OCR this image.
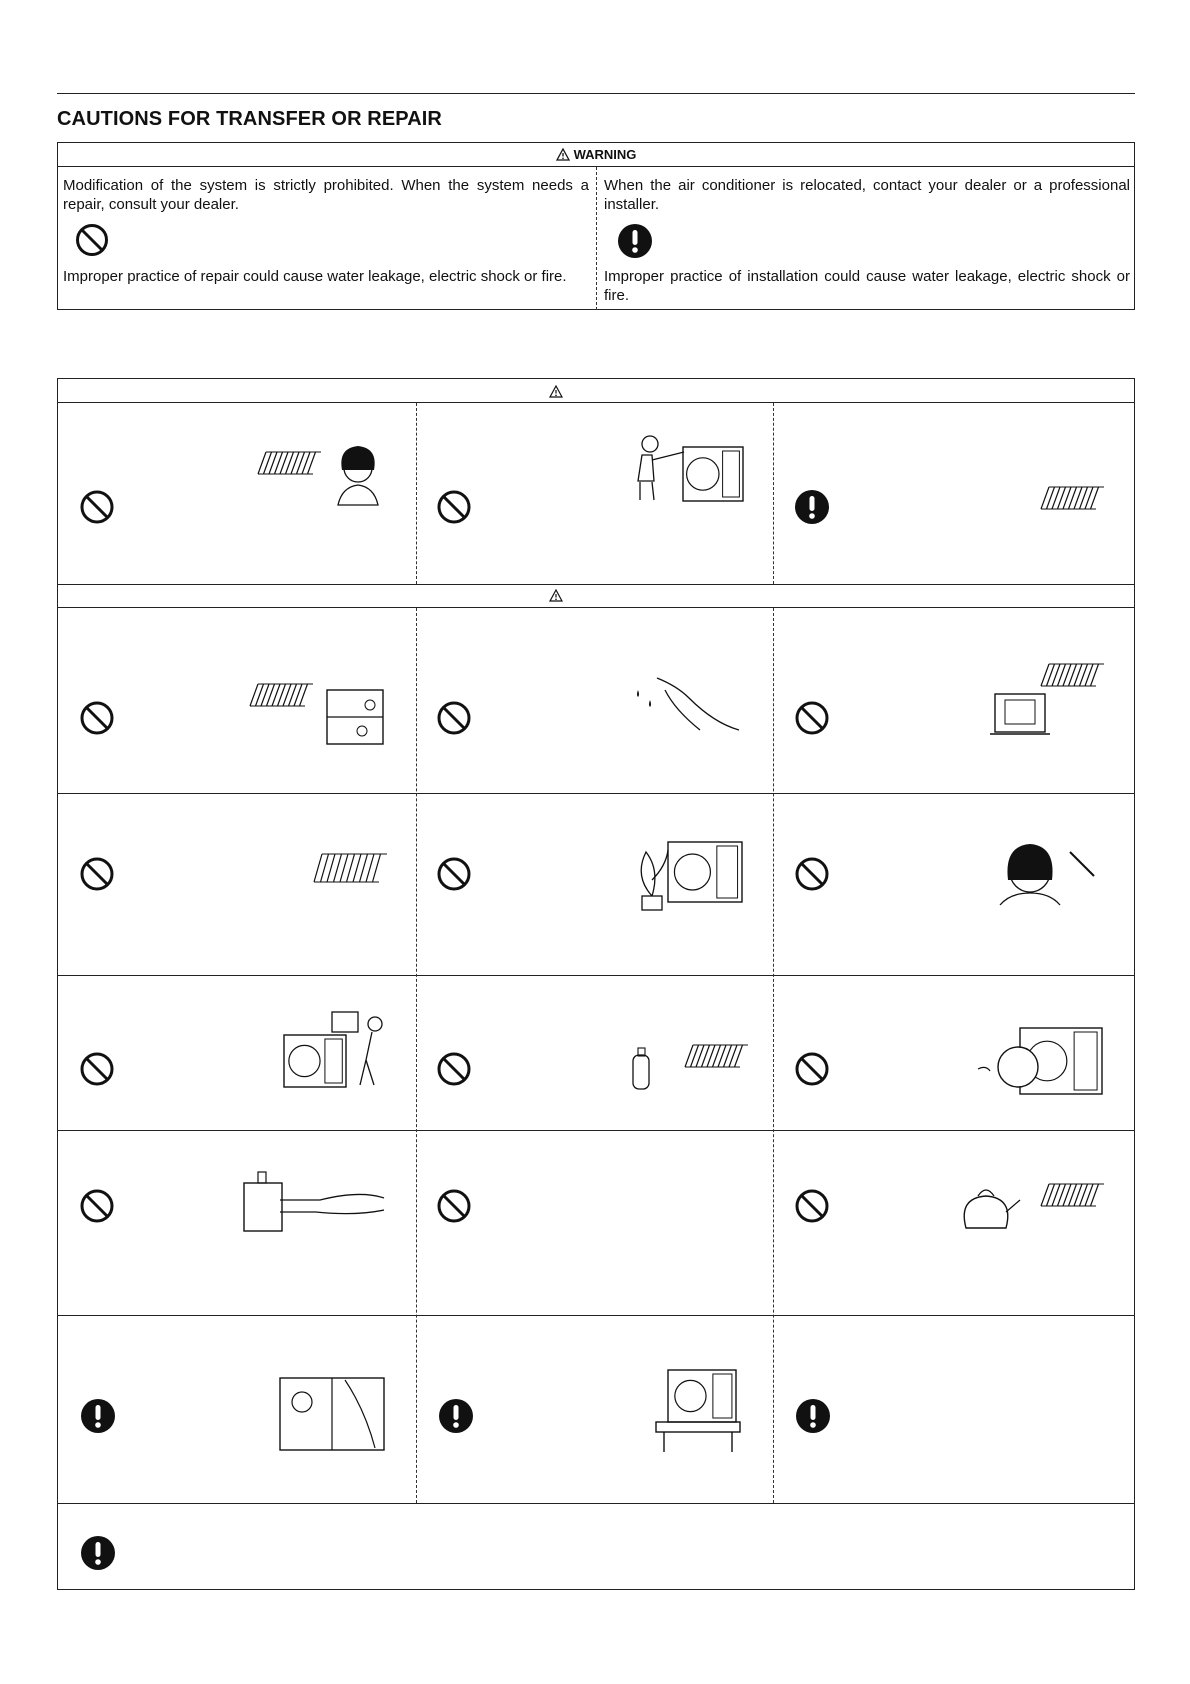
CAUTIONS FOR TRANSFER OR REPAIR
WARNING
Modification of the system is strictly prohibited. When the system needs a repair, consult your dealer.
Improper practice of repair could cause water leakage, electric shock or fire.
When the air conditioner is relocated, contact your dealer or a professional installer.
Improper practice of installation could cause water leakage, electric shock or fire.
